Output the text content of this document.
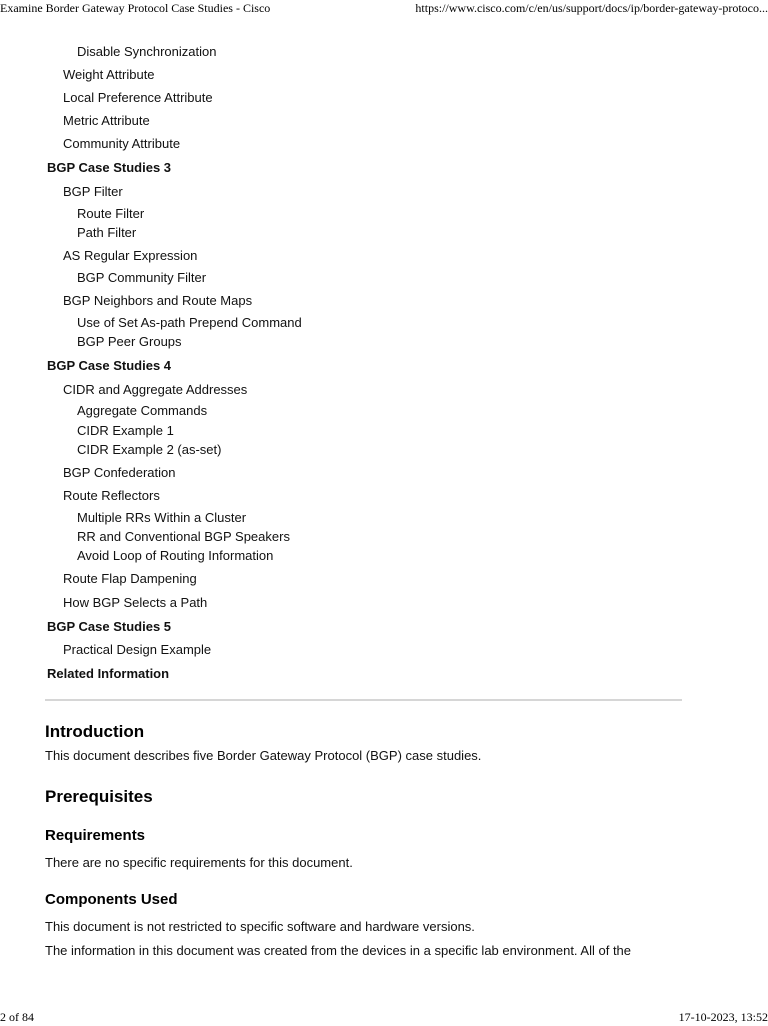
Examine Border Gateway Protocol Case Studies - Cisco	https://www.cisco.com/c/en/us/support/docs/ip/border-gateway-protoco...
Disable Synchronization
Weight Attribute
Local Preference Attribute
Metric Attribute
Community Attribute
BGP Case Studies 3
BGP Filter
Route Filter
Path Filter
AS Regular Expression
BGP Community Filter
BGP Neighbors and Route Maps
Use of Set As-path Prepend Command
BGP Peer Groups
BGP Case Studies 4
CIDR and Aggregate Addresses
Aggregate Commands
CIDR Example 1
CIDR Example 2 (as-set)
BGP Confederation
Route Reflectors
Multiple RRs Within a Cluster
RR and Conventional BGP Speakers
Avoid Loop of Routing Information
Route Flap Dampening
How BGP Selects a Path
BGP Case Studies 5
Practical Design Example
Related Information
Introduction

This document describes five Border Gateway Protocol (BGP) case studies.

Prerequisites
Requirements

There are no specific requirements for this document.

Components Used

This document is not restricted to specific software and hardware versions.

The information in this document was created from the devices in a specific lab environment. All of the

2 of 84	17-10-2023, 13:52
